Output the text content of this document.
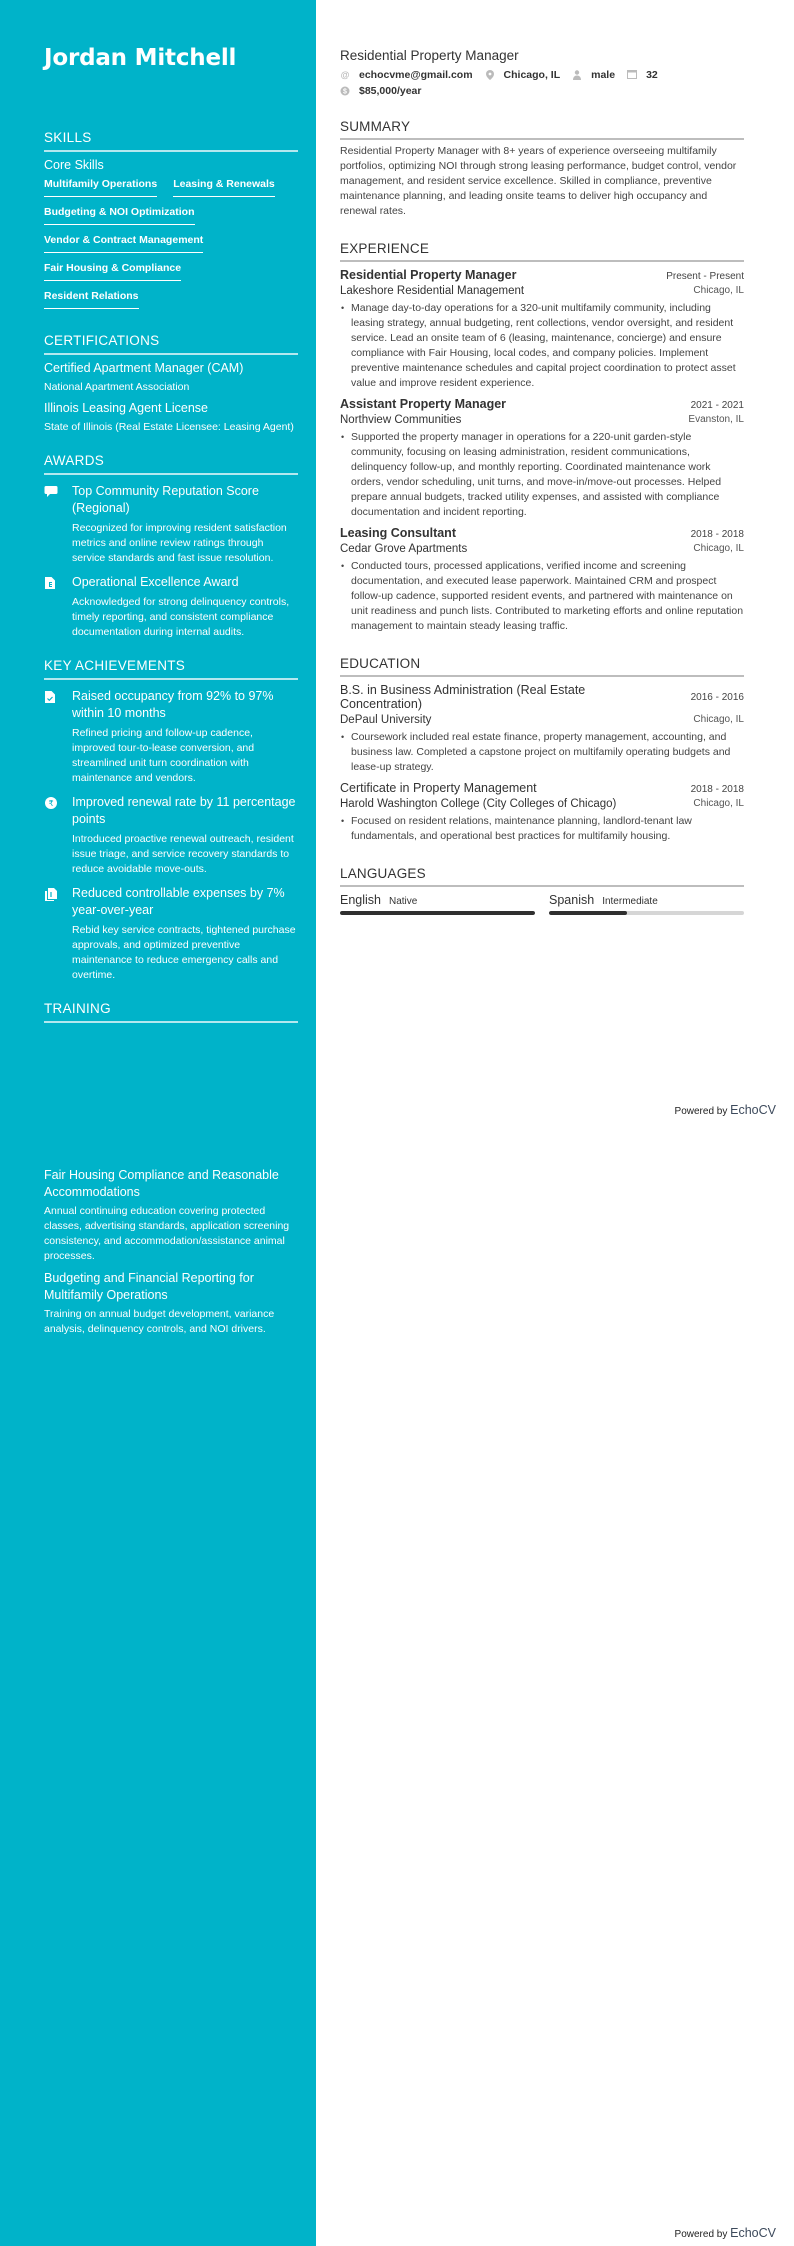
Jordan Mitchell
SKILLS
Core Skills
Multifamily Operations Leasing & Renewals
Budgeting & NOI Optimization
Vendor & Contract Management
Fair Housing & Compliance
Resident Relations
CERTIFICATIONS
Certified Apartment Manager (CAM)
National Apartment Association
Illinois Leasing Agent License
State of Illinois (Real Estate Licensee: Leasing Agent)
AWARDS
Top Community Reputation Score (Regional)
Recognized for improving resident satisfaction metrics and online review ratings through service standards and fast issue resolution.
Operational Excellence Award
Acknowledged for strong delinquency controls, timely reporting, and consistent compliance documentation during internal audits.
KEY ACHIEVEMENTS
Raised occupancy from 92% to 97% within 10 months
Refined pricing and follow-up cadence, improved tour-to-lease conversion, and streamlined unit turn coordination with maintenance and vendors.
₹ Improved renewal rate by 11 percentage points
Introduced proactive renewal outreach, resident issue triage, and service recovery standards to reduce avoidable move-outs.
Reduced controllable expenses by 7% year-over-year
Rebid key service contracts, tightened purchase approvals, and optimized preventive maintenance to reduce emergency calls and overtime.
TRAINING
Residential Property Manager
@ echocvme@gmail.com	Chicago, IL	male	32
$ $85,000/year
SUMMARY

Residential Property Manager with 8+ years of experience overseeing multifamily portfolios, optimizing NOI through strong leasing performance, budget control, vendor management, and resident service excellence. Skilled in compliance, preventive maintenance planning, and leading onsite teams to deliver high occupancy and renewal rates.

EXPERIENCE
Residential Property Manager	Present - Present
Lakeshore Residential Management	Chicago, IL
• Manage day-to-day operations for a 320-unit multifamily community, including leasing strategy, annual budgeting, rent collections, vendor oversight, and resident service. Lead an onsite team of 6 (leasing, maintenance, concierge) and ensure compliance with Fair Housing, local codes, and company policies. Implement preventive maintenance schedules and capital project coordination to protect asset value and improve resident experience.
Assistant Property Manager	2021 - 2021
Northview Communities	Evanston, IL
• Supported the property manager in operations for a 220-unit garden-style community, focusing on leasing administration, resident communications, delinquency follow-up, and monthly reporting. Coordinated maintenance work orders, vendor scheduling, unit turns, and move-in/move-out processes. Helped prepare annual budgets, tracked utility expenses, and assisted with compliance documentation and incident reporting.
Leasing Consultant	2018 - 2018
Cedar Grove Apartments	Chicago, IL
• Conducted tours, processed applications, verified income and screening documentation, and executed lease paperwork. Maintained CRM and prospect follow-up cadence, supported resident events, and partnered with maintenance on unit readiness and punch lists. Contributed to marketing efforts and online reputation management to maintain steady leasing traffic.
EDUCATION
B.S. in Business Administration (Real Estate Concentration)	2016 - 2016
DePaul University	Chicago, IL
• Coursework included real estate finance, property management, accounting, and business law. Completed a capstone project on multifamily operating budgets and lease-up strategy.
Certificate in Property Management	2018 - 2018
Harold Washington College (City Colleges of Chicago)	Chicago, IL
• Focused on resident relations, maintenance planning, landlord-tenant law fundamentals, and operational best practices for multifamily housing.
LANGUAGES
English Native	Spanish Intermediate
Powered by EchoCV
Fair Housing Compliance and Reasonable Accommodations
Annual continuing education covering protected classes, advertising standards, application screening consistency, and accommodation/assistance animal processes.
Budgeting and Financial Reporting for Multifamily Operations
Training on annual budget development, variance analysis, delinquency controls, and NOI drivers.
Powered by EchoCV
